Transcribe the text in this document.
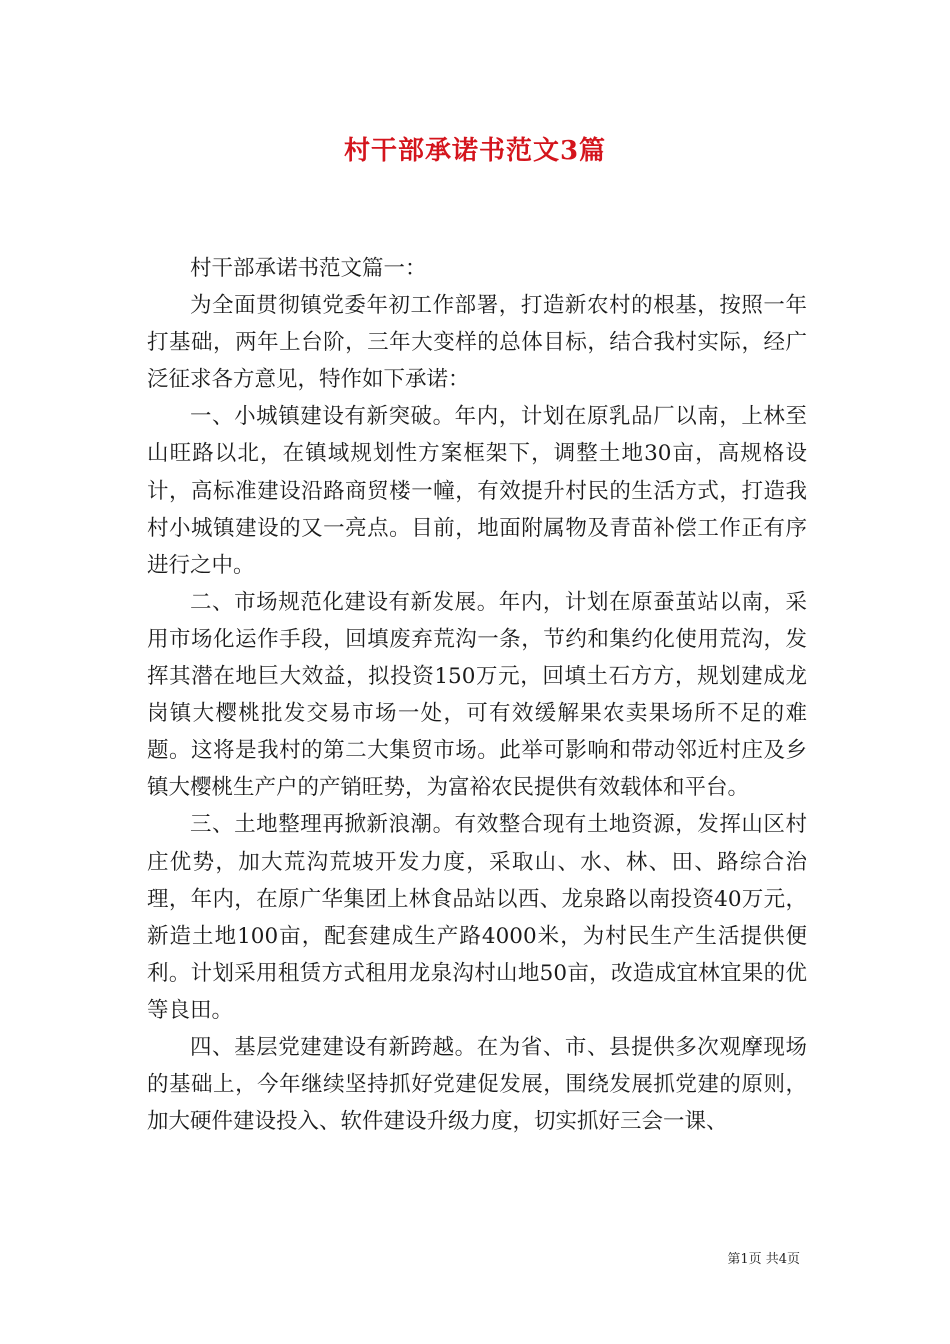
村干部承诺书范文3篇

村干部承诺书范文篇一：

为全面贯彻镇党委年初工作部署，打造新农村的根基，按照一年打基础，两年上台阶，三年大变样的总体目标，结合我村实际，经广泛征求各方意见，特作如下承诺：

一、小城镇建设有新突破。年内，计划在原乳品厂以南，上林至山旺路以北，在镇域规划性方案框架下，调整土地30亩，高规格设计，高标准建设沿路商贸楼一幢，有效提升村民的生活方式，打造我村小城镇建设的又一亮点。目前，地面附属物及青苗补偿工作正有序进行之中。

二、市场规范化建设有新发展。年内，计划在原蚕茧站以南，采用市场化运作手段，回填废弃荒沟一条，节约和集约化使用荒沟，发挥其潜在地巨大效益，拟投资150万元，回填土石方方，规划建成龙岗镇大樱桃批发交易市场一处，可有效缓解果农卖果场所不足的难题。这将是我村的第二大集贸市场。此举可影响和带动邻近村庄及乡镇大樱桃生产户的产销旺势，为富裕农民提供有效载体和平台。

三、土地整理再掀新浪潮。有效整合现有土地资源，发挥山区村庄优势，加大荒沟荒坡开发力度，采取山、水、林、田、路综合治理，年内，在原广华集团上林食品站以西、龙泉路以南投资40万元，新造土地100亩，配套建成生产路4000米，为村民生产生活提供便利。计划采用租赁方式租用龙泉沟村山地50亩，改造成宜林宜果的优等良田。

四、基层党建建设有新跨越。在为省、市、县提供多次观摩现场的基础上，今年继续坚持抓好党建促发展，围绕发展抓党建的原则，加大硬件建设投入、软件建设升级力度，切实抓好三会一课、

第1页 共4页
